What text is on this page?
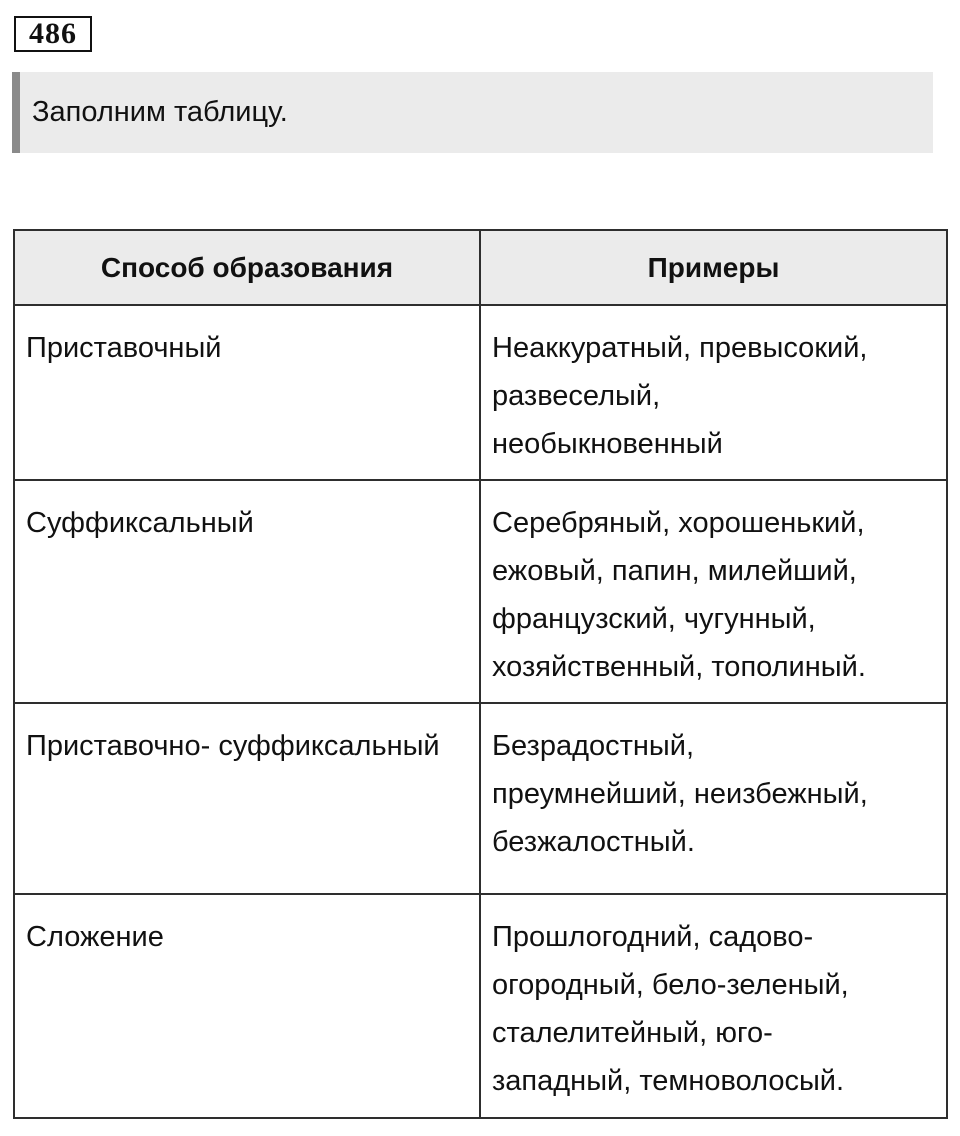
486
Заполним таблицу.
Способ образования	Примеры
Приставочный	Неаккуратный, превысокий,
развеселый,
необыкновенный

Суффиксальный	Серебряный, хорошенький,
ежовый, папин, милейший,
французский, чугунный,
хозяйственный, тополиный.

Приставочно- суффиксальный	Безрадостный,
преумнейший, неизбежный,
безжалостный.

Сложение	Прошлогодний, садово-
огородный, бело-зеленый,
сталелитейный, юго-
западный, темноволосый.
